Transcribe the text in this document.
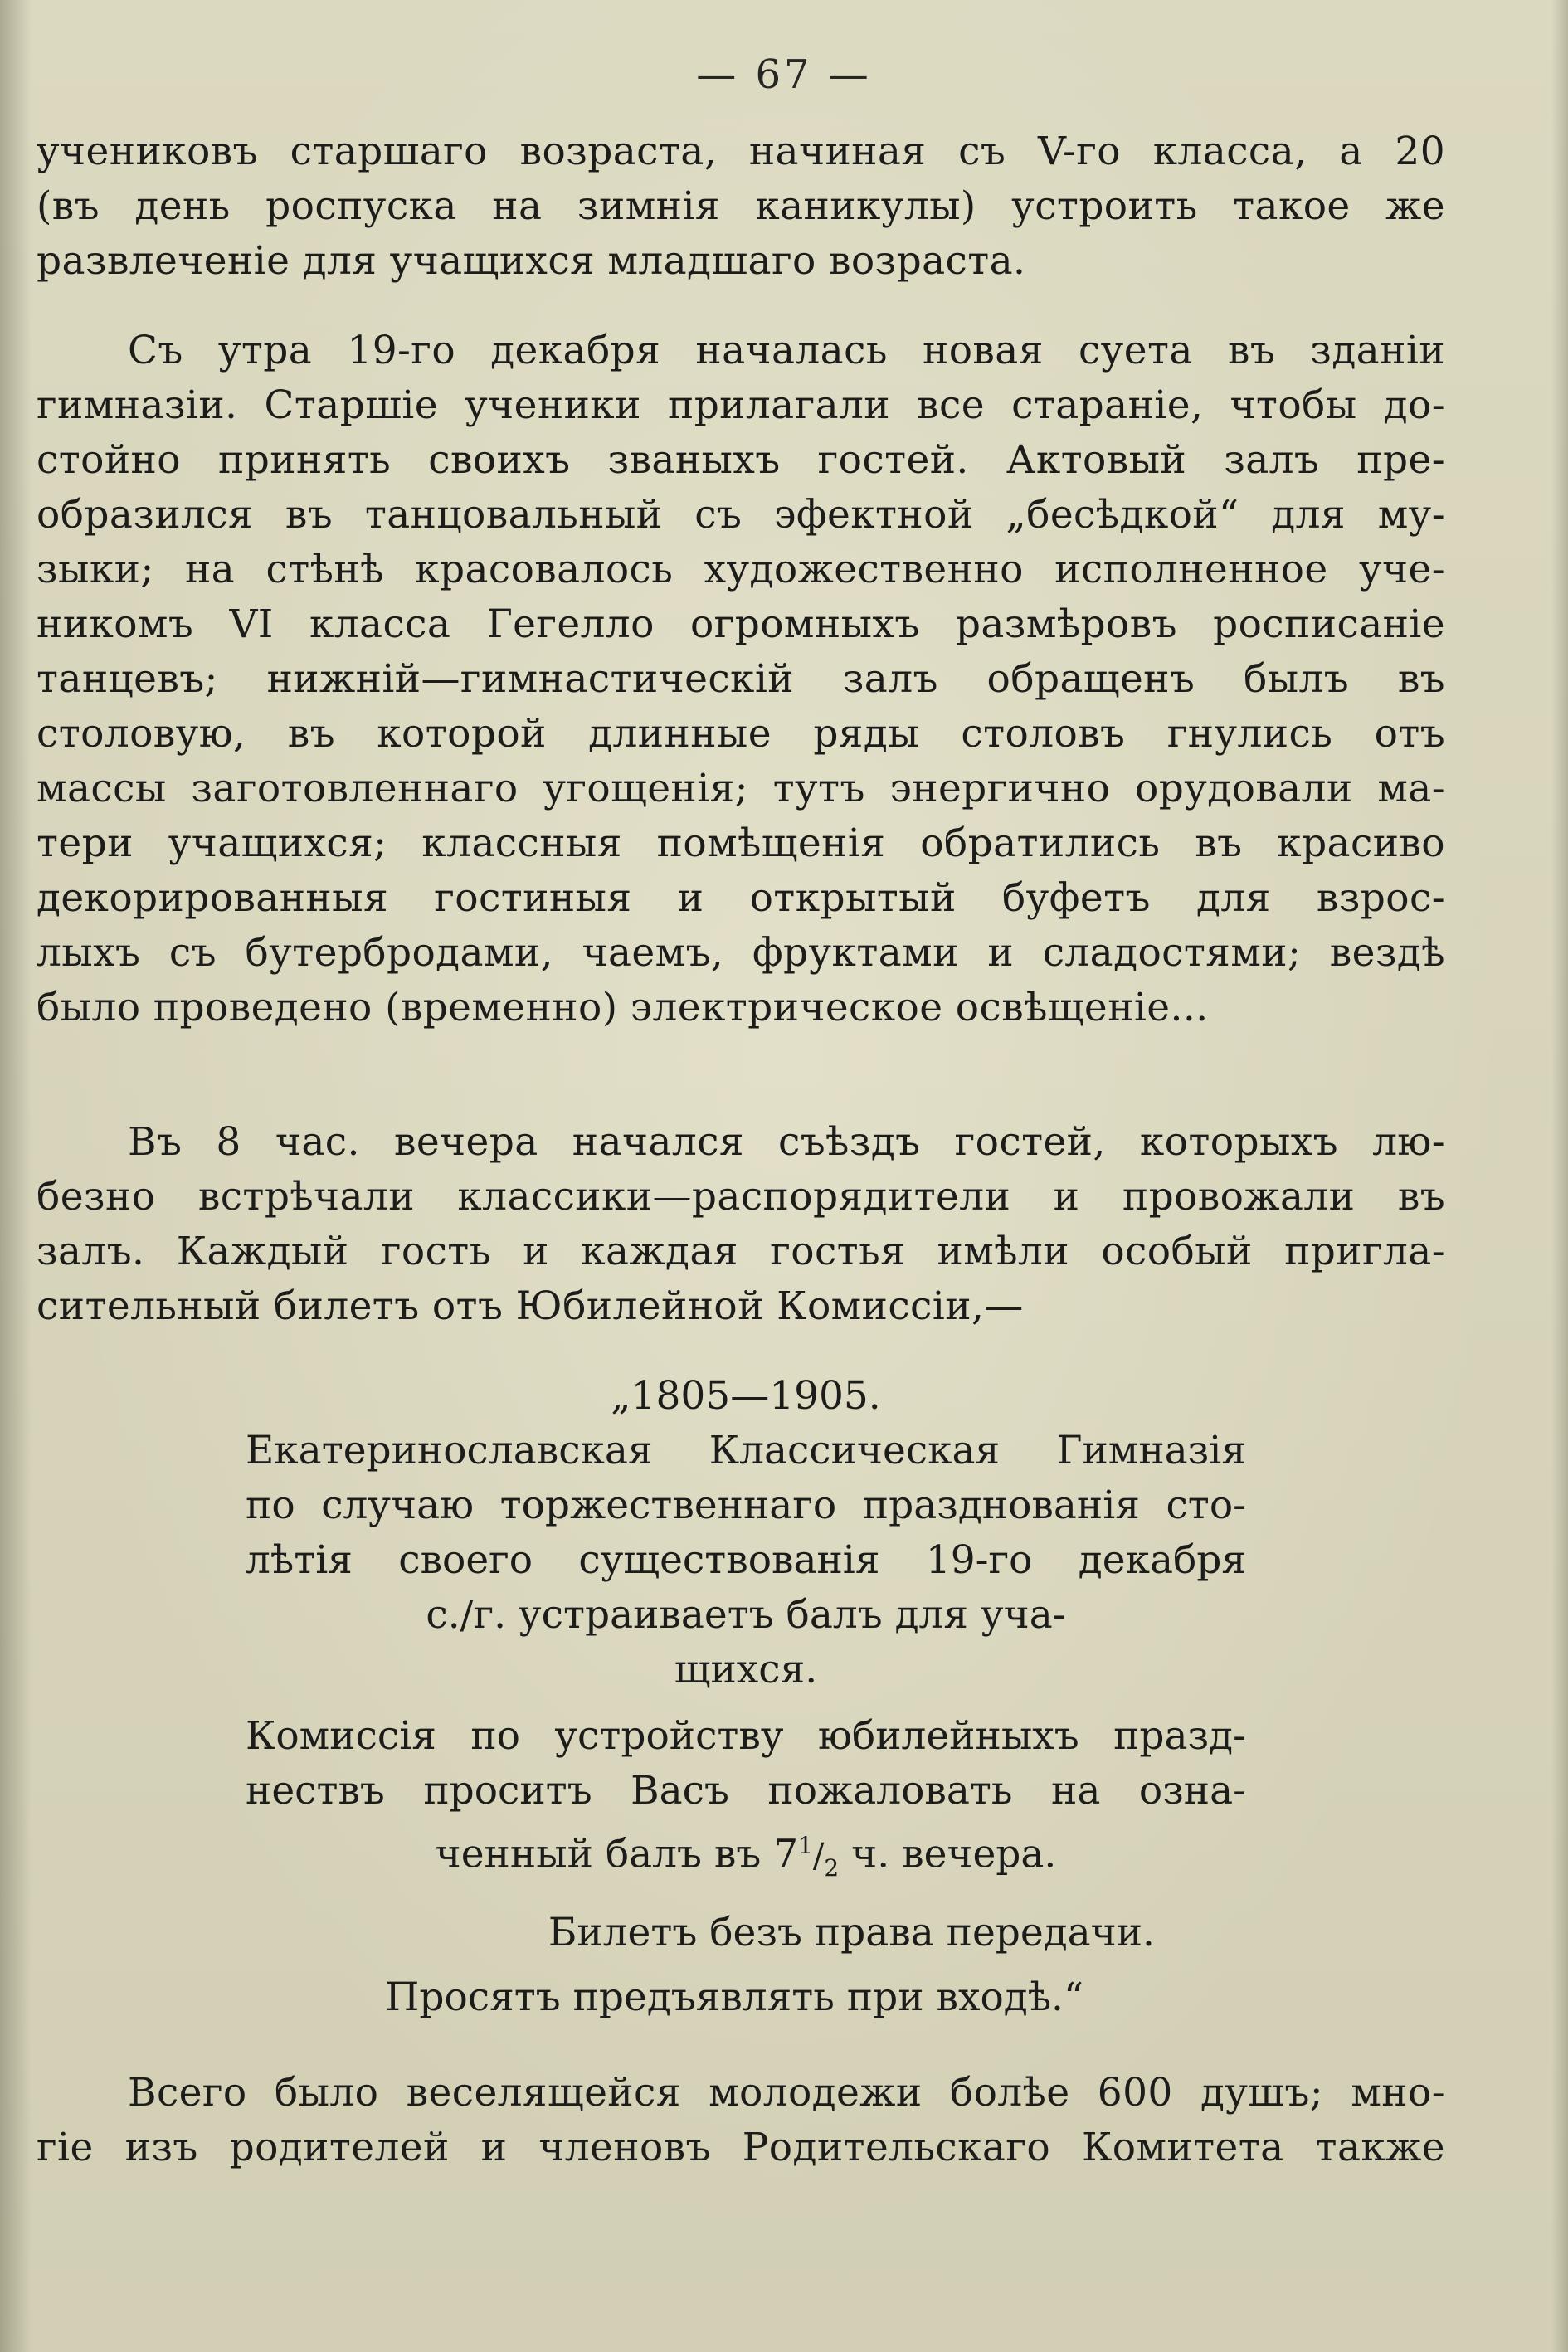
— 67 —
учениковъ старшаго возраста, начиная съ V-го класса, а 20
(въ день роспуска на зимнія каникулы) устроить такое же
развлеченіе для учащихся младшаго возраста.
Съ утра 19-го декабря началась новая суета въ зданіи
гимназіи. Старшіе ученики прилагали все стараніе, чтобы до-
стойно принять своихъ званыхъ гостей. Актовый залъ пре-
образился въ танцовальный съ эфектной „бесѣдкой“ для му-
зыки; на стѣнѣ красовалось художественно исполненное уче-
никомъ VI класса Гегелло огромныхъ размѣровъ росписаніе
танцевъ; нижній—гимнастическій залъ обращенъ былъ въ
столовую, въ которой длинные ряды столовъ гнулись отъ
массы заготовленнаго угощенія; тутъ энергично орудовали ма-
тери учащихся; классныя помѣщенія обратились въ красиво
декорированныя гостиныя и открытый буфетъ для взрос-
лыхъ съ бутербродами, чаемъ, фруктами и сладостями; вездѣ
было проведено (временно) электрическое освѣщеніе...
Въ 8 час. вечера начался съѣздъ гостей, которыхъ лю-
безно встрѣчали классики—распорядители и провожали въ
залъ. Каждый гость и каждая гостья имѣли особый пригла-
сительный билетъ отъ Юбилейной Комиссіи,—
„1805—1905.
Екатеринославская Классическая Гимназія
по случаю торжественнаго празднованія сто-
лѣтія своего существованія 19-го декабря
с./г. устраиваетъ балъ для уча-
щихся.
Комиссія по устройству юбилейныхъ празд-
нествъ проситъ Васъ пожаловать на озна-
ченный балъ въ $7^1/_2$ ч. вечера.
Билетъ безъ права передачи.
Просятъ предъявлять при входѣ.“
Всего было веселящейся молодежи болѣе 600 душъ; мно-
гіе изъ родителей и членовъ Родительскаго Комитета также
